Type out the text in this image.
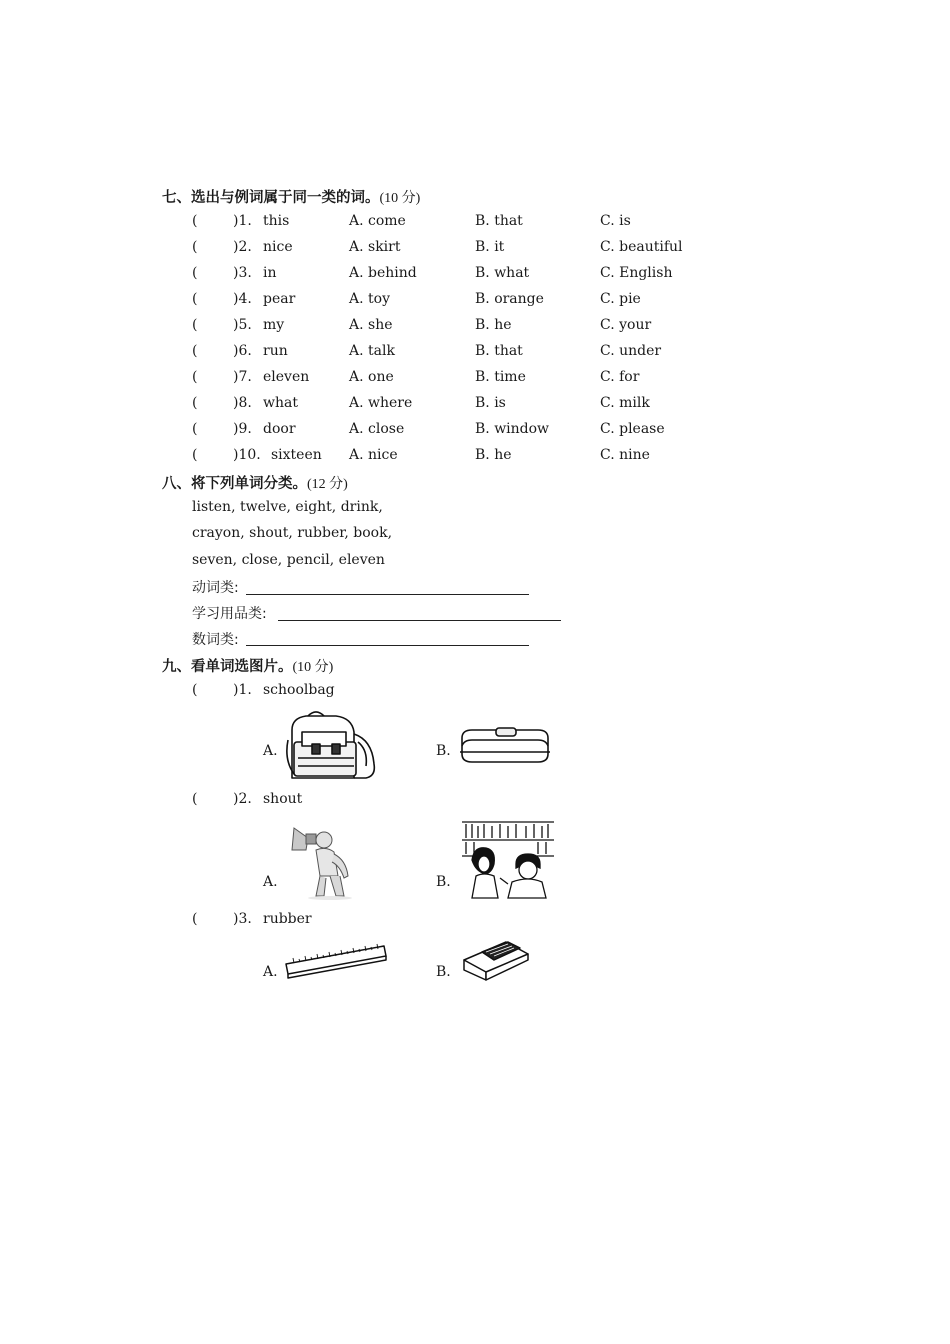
七、选出与例词属于同一类的词。(10 分)
(	)1. this	A. come	B. that	C. is
(	)2. nice	A. skirt	B. it	C. beautiful
(	)3. in	A. behind	B. what	C. English
(	)4. pear	A. toy	B. orange	C. pie
(	)5. my	A. she	B. he	C. your
(	)6. run	A. talk	B. that	C. under
(	)7. eleven	A. one	B. time	C. for
(	)8. what	A. where	B. is	C. milk
(	)9. door	A. close	B. window	C. please
(	)10. sixteen A. nice	B. he	C. nine
八、将下列单词分类。(12 分)
listen, twelve, eight, drink,
crayon, shout, rubber, book,
seven, close, pencil, eleven
动词类:
学习用品类:
数词类:
九、看单词选图片。(10 分)
(	)1. schoolbag
A.	B.
(	)2. shout
A.	B.
(	)3. rubber
A.	B.
